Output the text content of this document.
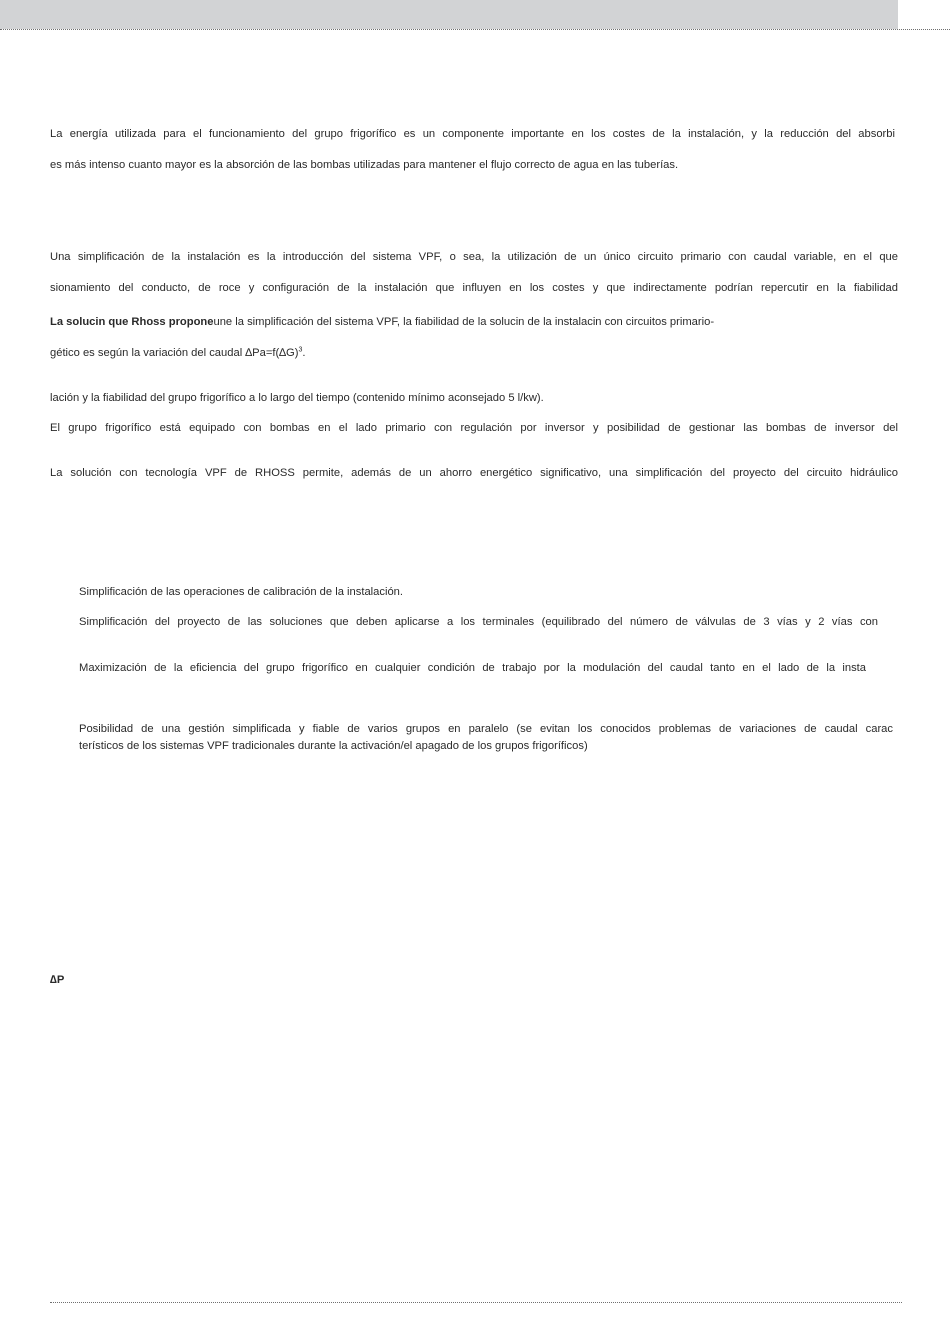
La energía utilizada para el funcionamiento del grupo frigorífico es un componente importante en los costes de la instalación, y la reducción del absorbi
es más intenso cuanto mayor es la absorción de las bombas utilizadas para mantener el flujo correcto de agua en las tuberías.
Una simplificación de la instalación es la introducción del sistema VPF, o sea, la utilización de un único circuito primario con caudal variable, en el que
sionamiento del conducto, de roce y configuración de la instalación que influyen en los costes y que indirectamente podrían repercutir en la fiabilidad
La solucin que Rhoss proponeune la simplificación del sistema VPF, la fiabilidad de la solucin de la instalacin con circuitos primario-
gético es según la variación del caudal $\Delta Pa=f(\Delta G)^3$.
lación y la fiabilidad del grupo frigorífico a lo largo del tiempo (contenido mínimo aconsejado 5 l/kw).
El grupo frigorífico está equipado con bombas en el lado primario con regulación por inversor y posibilidad de gestionar las bombas de inversor del
La solución con tecnología VPF de RHOSS permite, además de un ahorro energético significativo, una simplificación del proyecto del circuito hidráulico
Simplificación de las operaciones de calibración de la instalación.
Simplificación del proyecto de las soluciones que deben aplicarse a los terminales (equilibrado del número de válvulas de 3 vías y 2 vías con
Maximización de la eficiencia del grupo frigorífico en cualquier condición de trabajo por la modulación del caudal tanto en el lado de la insta
Posibilidad de una gestión simplificada y fiable de varios grupos en paralelo (se evitan los conocidos problemas de variaciones de caudal carac
terísticos de los sistemas VPF tradicionales durante la activación/el apagado de los grupos frigoríficos)
∆P
